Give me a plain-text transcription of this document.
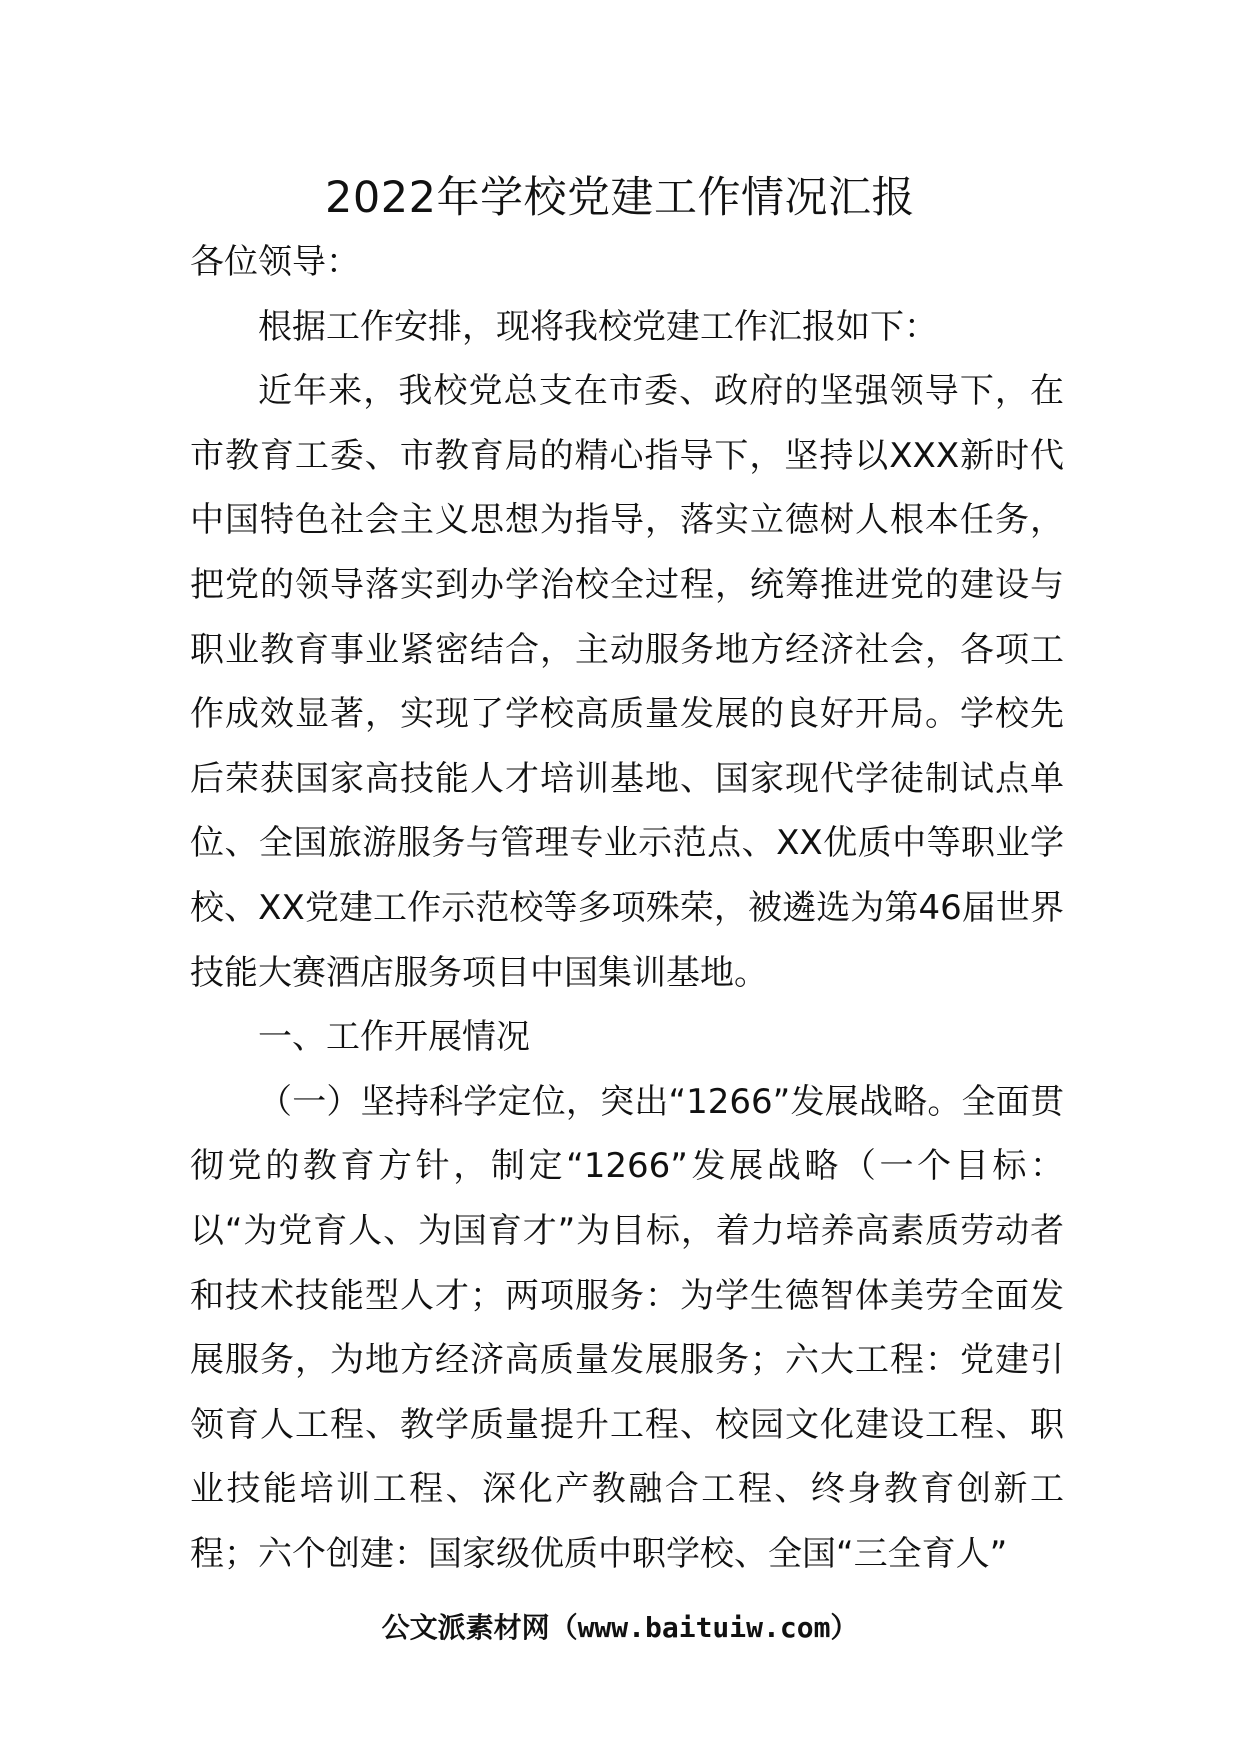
2022年学校党建工作情况汇报

各位领导：

根据工作安排，现将我校党建工作汇报如下：

近年来，我校党总支在市委、政府的坚强领导下，在市教育工委、市教育局的精心指导下，坚持以XXX新时代中国特色社会主义思想为指导，落实立德树人根本任务，把党的领导落实到办学治校全过程，统筹推进党的建设与职业教育事业紧密结合，主动服务地方经济社会，各项工作成效显著，实现了学校高质量发展的良好开局。学校先后荣获国家高技能人才培训基地、国家现代学徒制试点单位、全国旅游服务与管理专业示范点、XX优质中等职业学校、XX党建工作示范校等多项殊荣，被遴选为第46届世界技能大赛酒店服务项目中国集训基地。

一、工作开展情况

（一）坚持科学定位，突出“1266”发展战略。全面贯彻党的教育方针，制定“1266”发展战略（一个目标：以“为党育人、为国育才”为目标，着力培养高素质劳动者和技术技能型人才；两项服务：为学生德智体美劳全面发展服务，为地方经济高质量发展服务；六大工程：党建引领育人工程、教学质量提升工程、校园文化建设工程、职业技能培训工程、深化产教融合工程、终身教育创新工程；六个创建：国家级优质中职学校、全国“三全育人”

公文派素材网（www.baituiw.com）
